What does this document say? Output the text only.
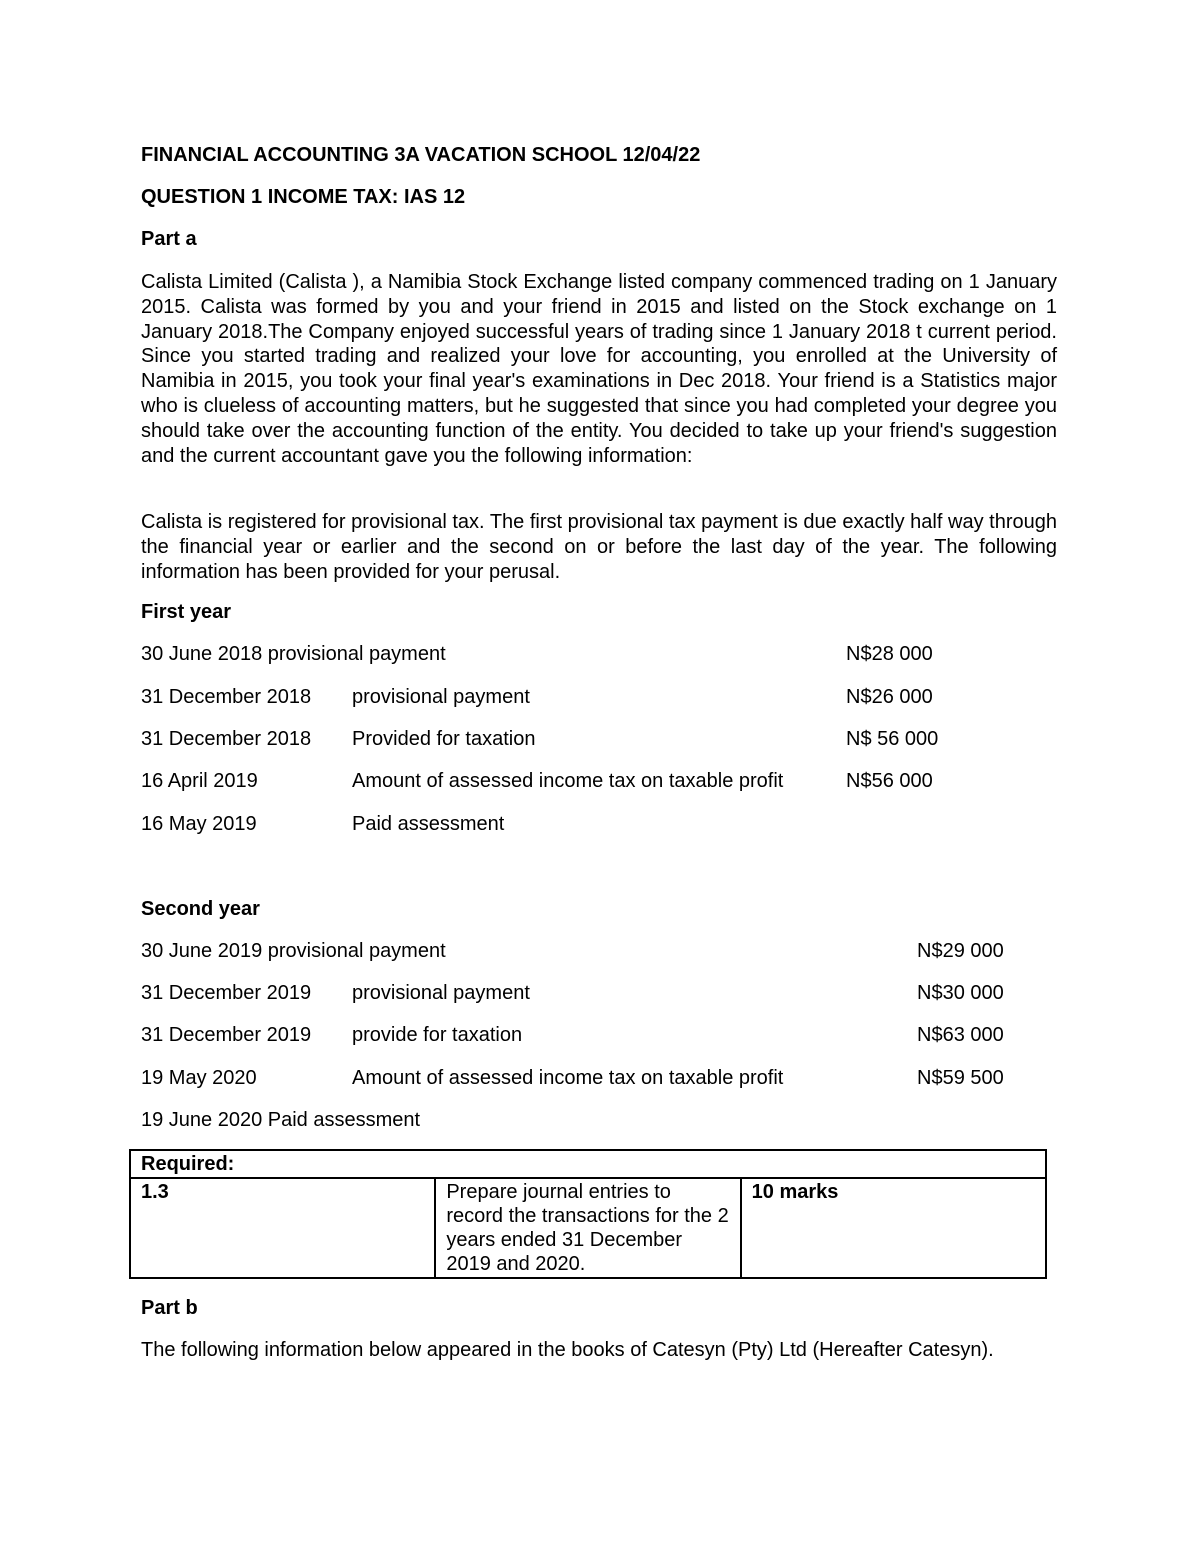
FINANCIAL ACCOUNTING 3A VACATION SCHOOL 12/04/22
QUESTION 1 INCOME TAX: IAS 12
Part a
Calista Limited (Calista ), a Namibia Stock Exchange listed company commenced trading on 1 January 2015. Calista was formed by you and your friend in 2015 and listed on the Stock exchange on 1 January 2018.The Company enjoyed successful years of trading since 1 January 2018 t current period. Since you started trading and realized your love for accounting, you enrolled at the University of Namibia in 2015, you took your final year's examinations in Dec 2018. Your friend is a Statistics major who is clueless of accounting matters, but he suggested that since you had completed your degree you should take over the accounting function of the entity. You decided to take up your friend's suggestion and the current accountant gave you the following information:
Calista is registered for provisional tax. The first provisional tax payment is due exactly half way through the financial year or earlier and the second on or before the last day of the year. The following information has been provided for your perusal.
First year
30 June 2018 provisional payment	N$28 000
31 December 2018 provisional payment	N$26 000
31 December 2018 Provided for taxation	N$ 56 000
16 April 2019	Amount of assessed income tax on taxable profit	N$56 000
16 May 2019	Paid assessment
Second year
30 June 2019 provisional payment	N$29 000
31 December 2019 provisional payment	N$30 000
31 December 2019 provide for taxation	N$63 000
19 May 2020	Amount of assessed income tax on taxable profit	N$59 500
19 June 2020 Paid assessment
Required:
1.3	Prepare journal entries to record the transactions for the 2 years ended 31 December 2019 and 2020.	10 marks
Part b
The following information below appeared in the books of Catesyn (Pty) Ltd (Hereafter Catesyn).
